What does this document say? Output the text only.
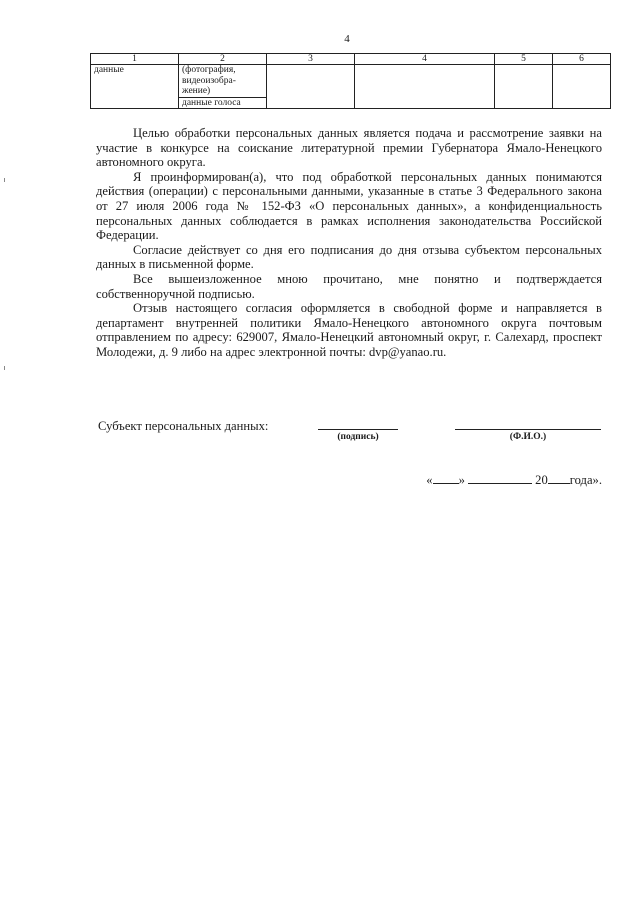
4
1	2	3	4	5	6
данные	(фотография, видеоизобра-жение)				
	данные голоса				

Целью обработки персональных данных является подача и рассмотрение заявки на участие в конкурсе на соискание литературной премии Губернатора Ямало-Ненецкого автономного округа.

Я проинформирован(а), что под обработкой персональных данных понимаются действия (операции) с персональными данными, указанные в статье 3 Федерального закона от 27 июля 2006 года № 152-ФЗ «О персональных данных», а конфиденциальность персональных данных соблюдается в рамках исполнения законодательства Российской Федерации.

Согласие действует со дня его подписания до дня отзыва субъектом персональных данных в письменной форме.

Все вышеизложенное мною прочитано, мне понятно и подтверждается собственноручной подписью.

Отзыв настоящего согласия оформляется в свободной форме и направляется в департамент внутренней политики Ямало-Ненецкого автономного округа почтовым отправлением по адресу: 629007, Ямало-Ненецкий автономный округ, г. Салехард, проспект Молодежи, д. 9 либо на адрес электронной почты: dvp@yanao.ru.

Субъект персональных данных:
(подпись)	(Ф.И.О.)
« »	20 года».
